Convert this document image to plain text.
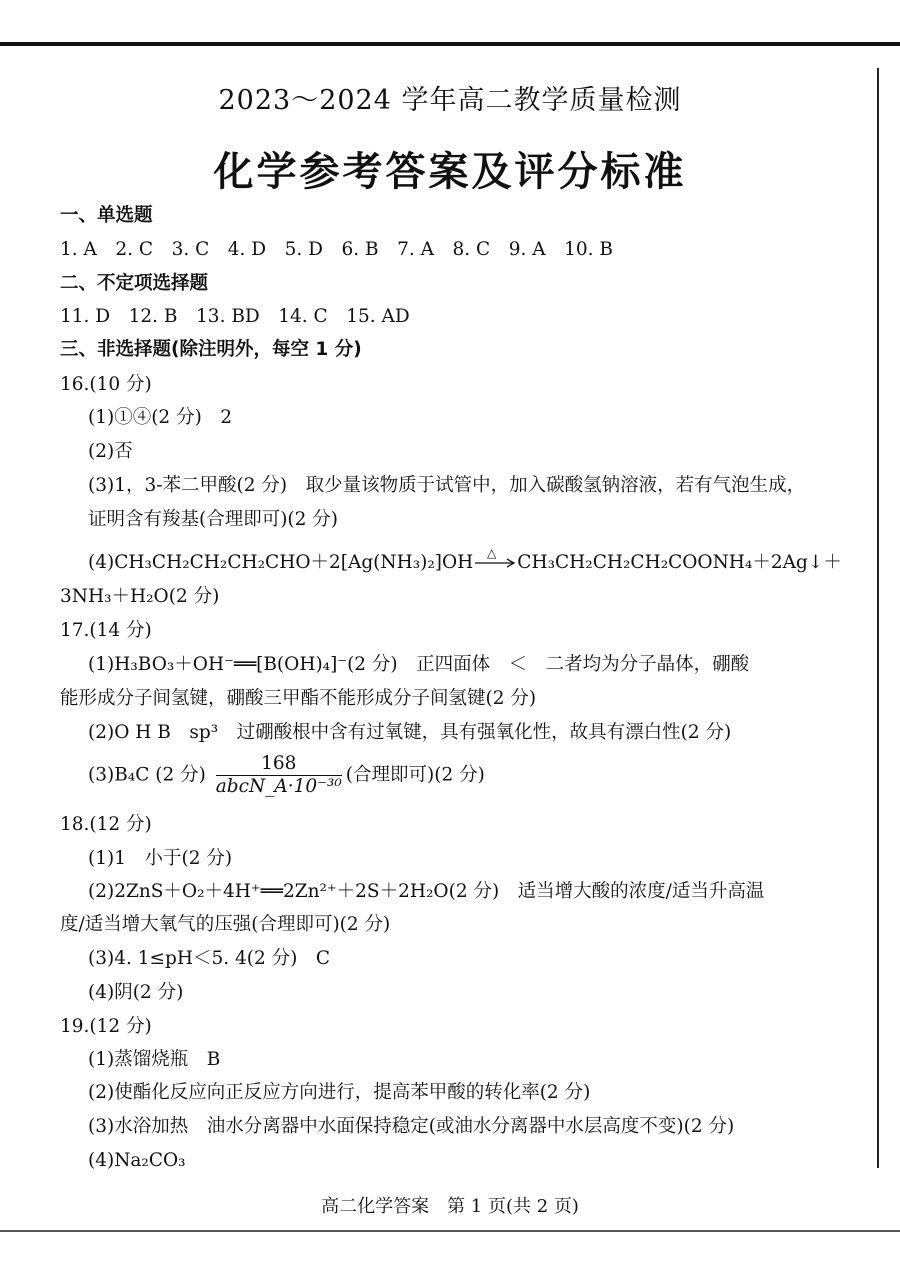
2023～2024 学年高二教学质量检测
化学参考答案及评分标准
一、单选题
1. A　2. C　3. C　4. D　5. D　6. B　7. A　8. C　9. A　10. B
二、不定项选择题
11. D　12. B　13. BD　14. C　15. AD
三、非选择题(除注明外，每空 1 分)
16.(10 分)
(1)①④(2 分)　2
(2)否
(3)1，3-苯二甲酸(2 分)　取少量该物质于试管中，加入碳酸氢钠溶液，若有气泡生成，
证明含有羧基(合理即可)(2 分)
(4)CH₃CH₂CH₂CH₂CHO＋2[Ag(NH₃)₂]OH △ CH₃CH₂CH₂CH₂COONH₄＋2Ag↓＋
3NH₃＋H₂O(2 分)
17.(14 分)
(1)H₃BO₃＋OH⁻══[B(OH)₄]⁻(2 分)　正四面体　＜　二者均为分子晶体，硼酸
能形成分子间氢键，硼酸三甲酯不能形成分子间氢键(2 分)
(2)O H B　sp³　过硼酸根中含有过氧键，具有强氧化性，故具有漂白性(2 分)
(3)B₄C (2 分) $\frac{168}{\text{abcN\_A·10⁻³⁰}}$ (合理即可)(2 分)
18.(12 分)
(1)1　小于(2 分)
(2)2ZnS＋O₂＋4H⁺══2Zn²⁺＋2S＋2H₂O(2 分)　适当增大酸的浓度/适当升高温
度/适当增大氧气的压强(合理即可)(2 分)
(3)4. 1≤pH＜5. 4(2 分)　C
(4)阴(2 分)
19.(12 分)
(1)蒸馏烧瓶　B
(2)使酯化反应向正反应方向进行，提高苯甲酸的转化率(2 分)
(3)水浴加热　油水分离器中水面保持稳定(或油水分离器中水层高度不变)(2 分)
(4)Na₂CO₃
高二化学答案　第 1 页(共 2 页)
